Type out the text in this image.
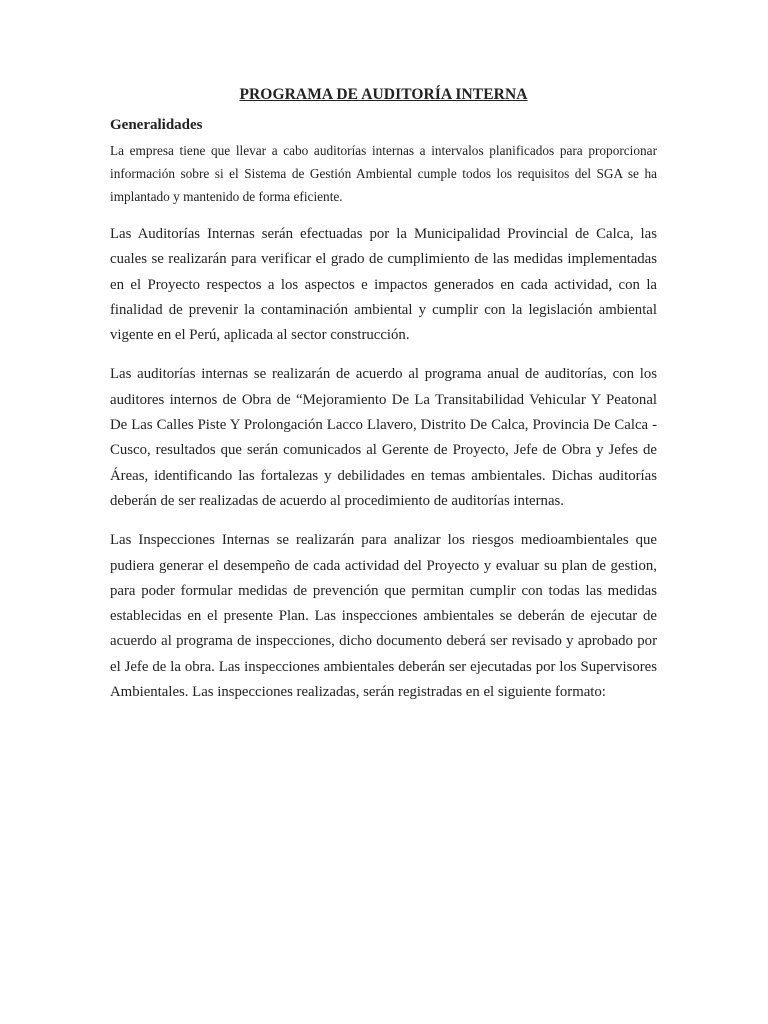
PROGRAMA DE AUDITORÍA INTERNA
Generalidades

La empresa tiene que llevar a cabo auditorías internas a intervalos planificados para proporcionar información sobre si el Sistema de Gestión Ambiental cumple todos los requisitos del SGA se ha implantado y mantenido de forma eficiente.

Las Auditorías Internas serán efectuadas por la Municipalidad Provincial de Calca, las cuales se realizarán para verificar el grado de cumplimiento de las medidas implementadas en el Proyecto respectos a los aspectos e impactos generados en cada actividad, con la finalidad de prevenir la contaminación ambiental y cumplir con la legislación ambiental vigente en el Perú, aplicada al sector construcción.

Las auditorías internas se realizarán de acuerdo al programa anual de auditorías, con los auditores internos de Obra de “Mejoramiento De La Transitabilidad Vehicular Y Peatonal De Las Calles Piste Y Prolongación Lacco Llavero, Distrito De Calca, Provincia De Calca - Cusco, resultados que serán comunicados al Gerente de Proyecto, Jefe de Obra y Jefes de Áreas, identificando las fortalezas y debilidades en temas ambientales. Dichas auditorías deberán de ser realizadas de acuerdo al procedimiento de auditorías internas.

Las Inspecciones Internas se realizarán para analizar los riesgos medioambientales que pudiera generar el desempeño de cada actividad del Proyecto y evaluar su plan de gestion, para poder formular medidas de prevención que permitan cumplir con todas las medidas establecidas en el presente Plan. Las inspecciones ambientales se deberán de ejecutar de acuerdo al programa de inspecciones, dicho documento deberá ser revisado y aprobado por el Jefe de la obra. Las inspecciones ambientales deberán ser ejecutadas por los Supervisores Ambientales. Las inspecciones realizadas, serán registradas en el siguiente formato:
